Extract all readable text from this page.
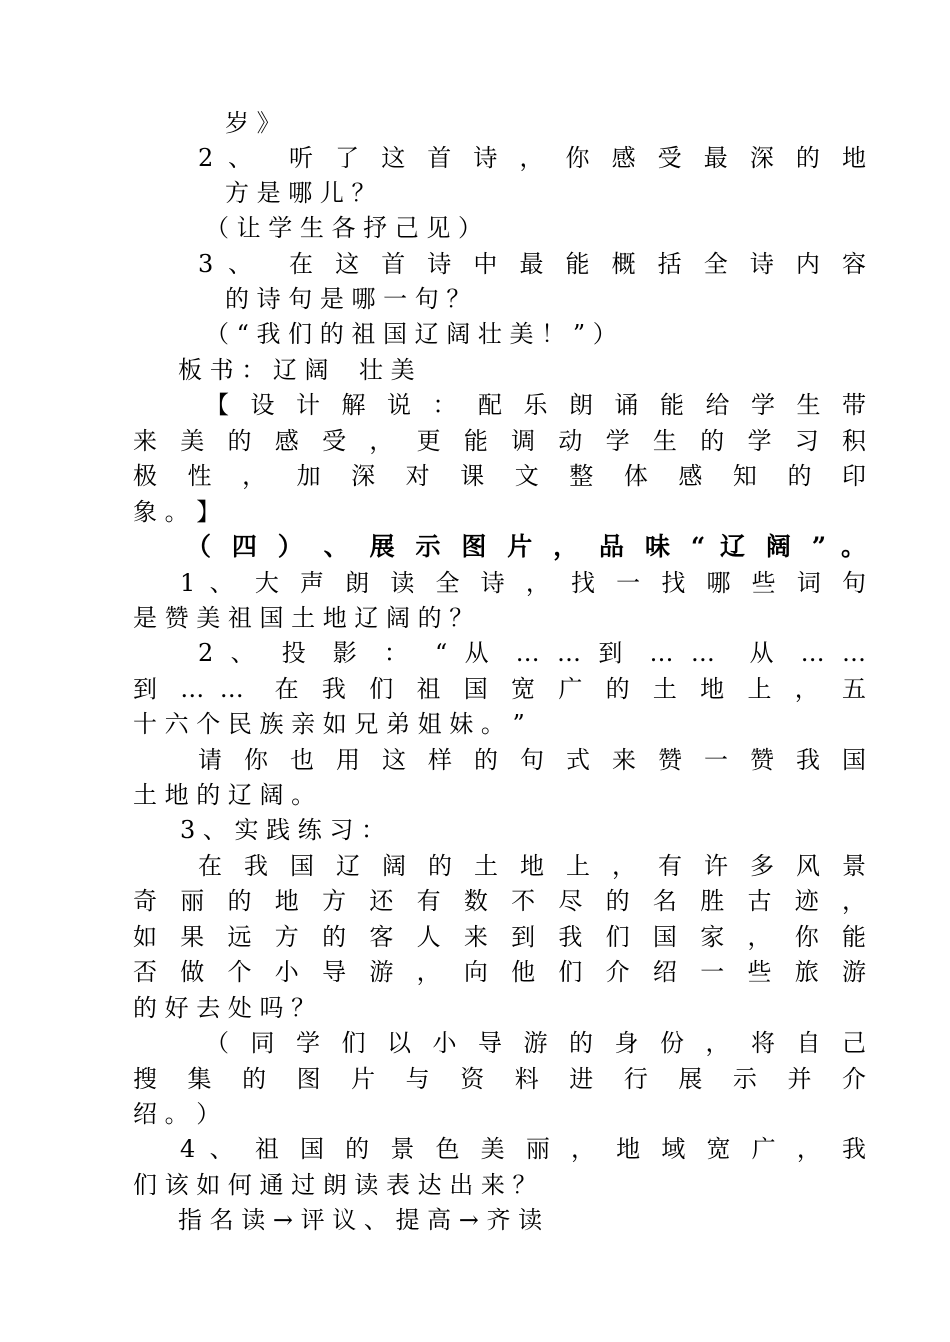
岁 》
2 、  听 了 这 首 诗 ， 你 感 受 最 深 的 地
方 是 哪 儿 ？
（ 让 学 生 各 抒 己 见 ）
3 、  在 这 首 诗 中 最 能 概 括 全 诗 内 容
的 诗 句 是 哪 一 句 ？
（ “ 我 们 的 祖 国 辽 阔 壮 美 ！ ” ）
板 书 ： 辽 阔    壮 美
【 设 计 解 说 ： 配 乐 朗 诵 能 给 学 生 带
来 美 的 感 受 ， 更 能 调 动 学 生 的 学 习 积
极 性 ， 加 深 对 课 文 整 体 感 知 的 印
象 。 】
（ 四 ） 、 展 示 图 片 ， 品 味 “ 辽 阔 ” 。
1 、 大 声 朗 读 全 诗 ， 找 一 找 哪 些 词 句
是 赞 美 祖 国 土 地 辽 阔 的 ？
2 、 投 影 ： “ 从 … … 到 … …  从 … …
到 … …  在 我 们 祖 国 宽 广 的 土 地 上 ， 五
十 六 个 民 族 亲 如 兄 弟 姐 妹 。 ”
请 你 也 用 这 样 的 句 式 来 赞 一 赞 我 国
土 地 的 辽 阔 。
3 、 实 践 练 习 ：
在 我 国 辽 阔 的 土 地 上 ， 有 许 多 风 景
奇 丽 的 地 方 还 有 数 不 尽 的 名 胜 古 迹 ，
如 果 远 方 的 客 人 来 到 我 们 国 家 ， 你 能
否 做 个 小 导 游 ， 向 他 们 介 绍 一 些 旅 游
的 好 去 处 吗 ？
（ 同 学 们 以 小 导 游 的 身 份 ， 将 自 己
搜 集 的 图 片 与 资 料 进 行 展 示 并 介
绍 。 ）
4 、 祖 国 的 景 色 美 丽 ， 地 域 宽 广 ， 我
们 该 如 何 通 过 朗 读 表 达 出 来 ？
指 名 读 → 评 议 、 提 高 → 齐 读
